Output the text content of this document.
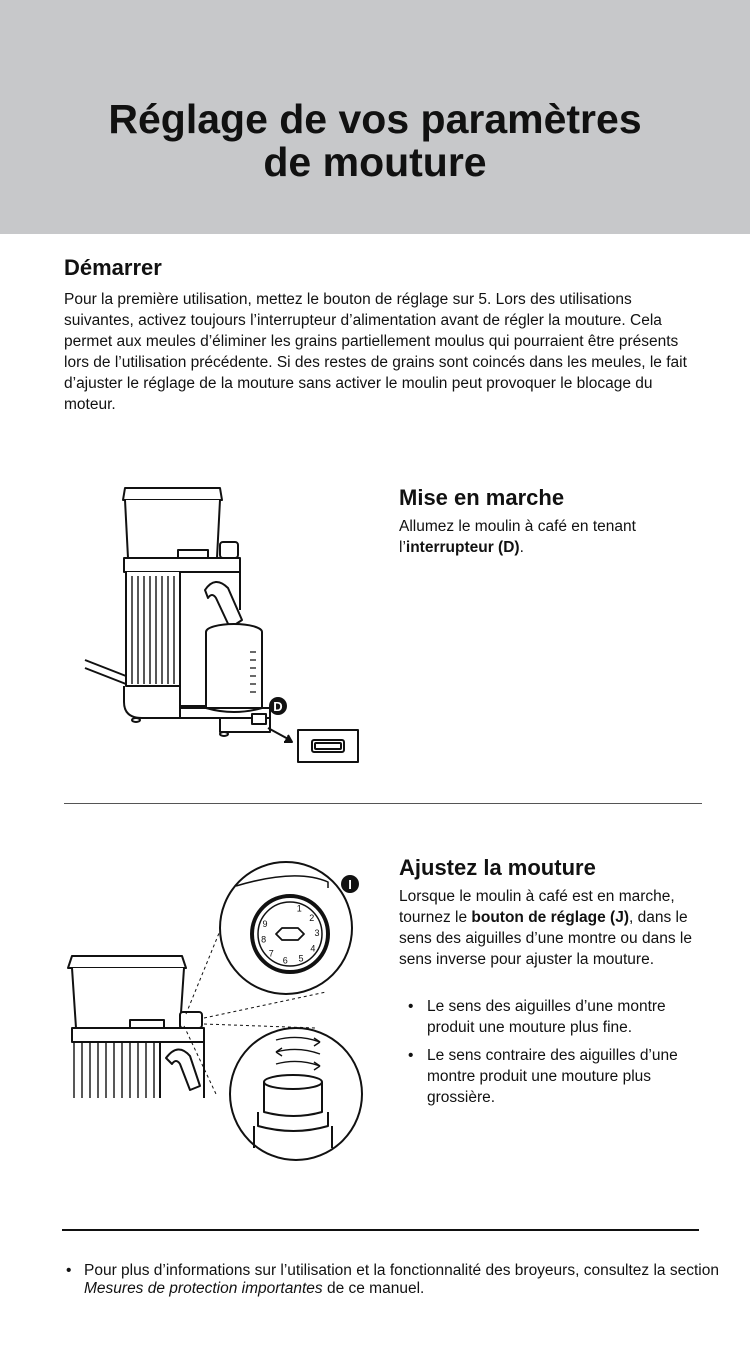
Réglage de vos paramètres
de mouture
Démarrer

Pour la première utilisation, mettez le bouton de réglage sur 5. Lors des utilisations suivantes, activez toujours l’interrupteur d’alimentation avant de régler la mouture. Cela permet aux meules d’éliminer les grains partiellement moulus qui pourraient être présents lors de l’utilisation précédente. Si des restes de grains sont coincés dans les meules, le fait d’ajuster le réglage de la mouture sans activer le moulin peut provoquer le blocage du moteur.

D
Mise en marche

Allumez le moulin à café en tenant l’interrupteur (D).

1
2
3
4
5
6
7
8
9
I
Ajustez la mouture

Lorsque le moulin à café est en marche, tournez le bouton de réglage (J), dans le sens des aiguilles d’une montre ou dans le sens inverse pour ajuster la mouture.

• Le sens des aiguilles d’une montre produit une mouture plus fine.
• Le sens contraire des aiguilles d’une montre produit une mouture plus grossière.

• Pour plus d’informations sur l’utilisation et la fonctionnalité des broyeurs, consultez la section Mesures de protection importantes de ce manuel.
